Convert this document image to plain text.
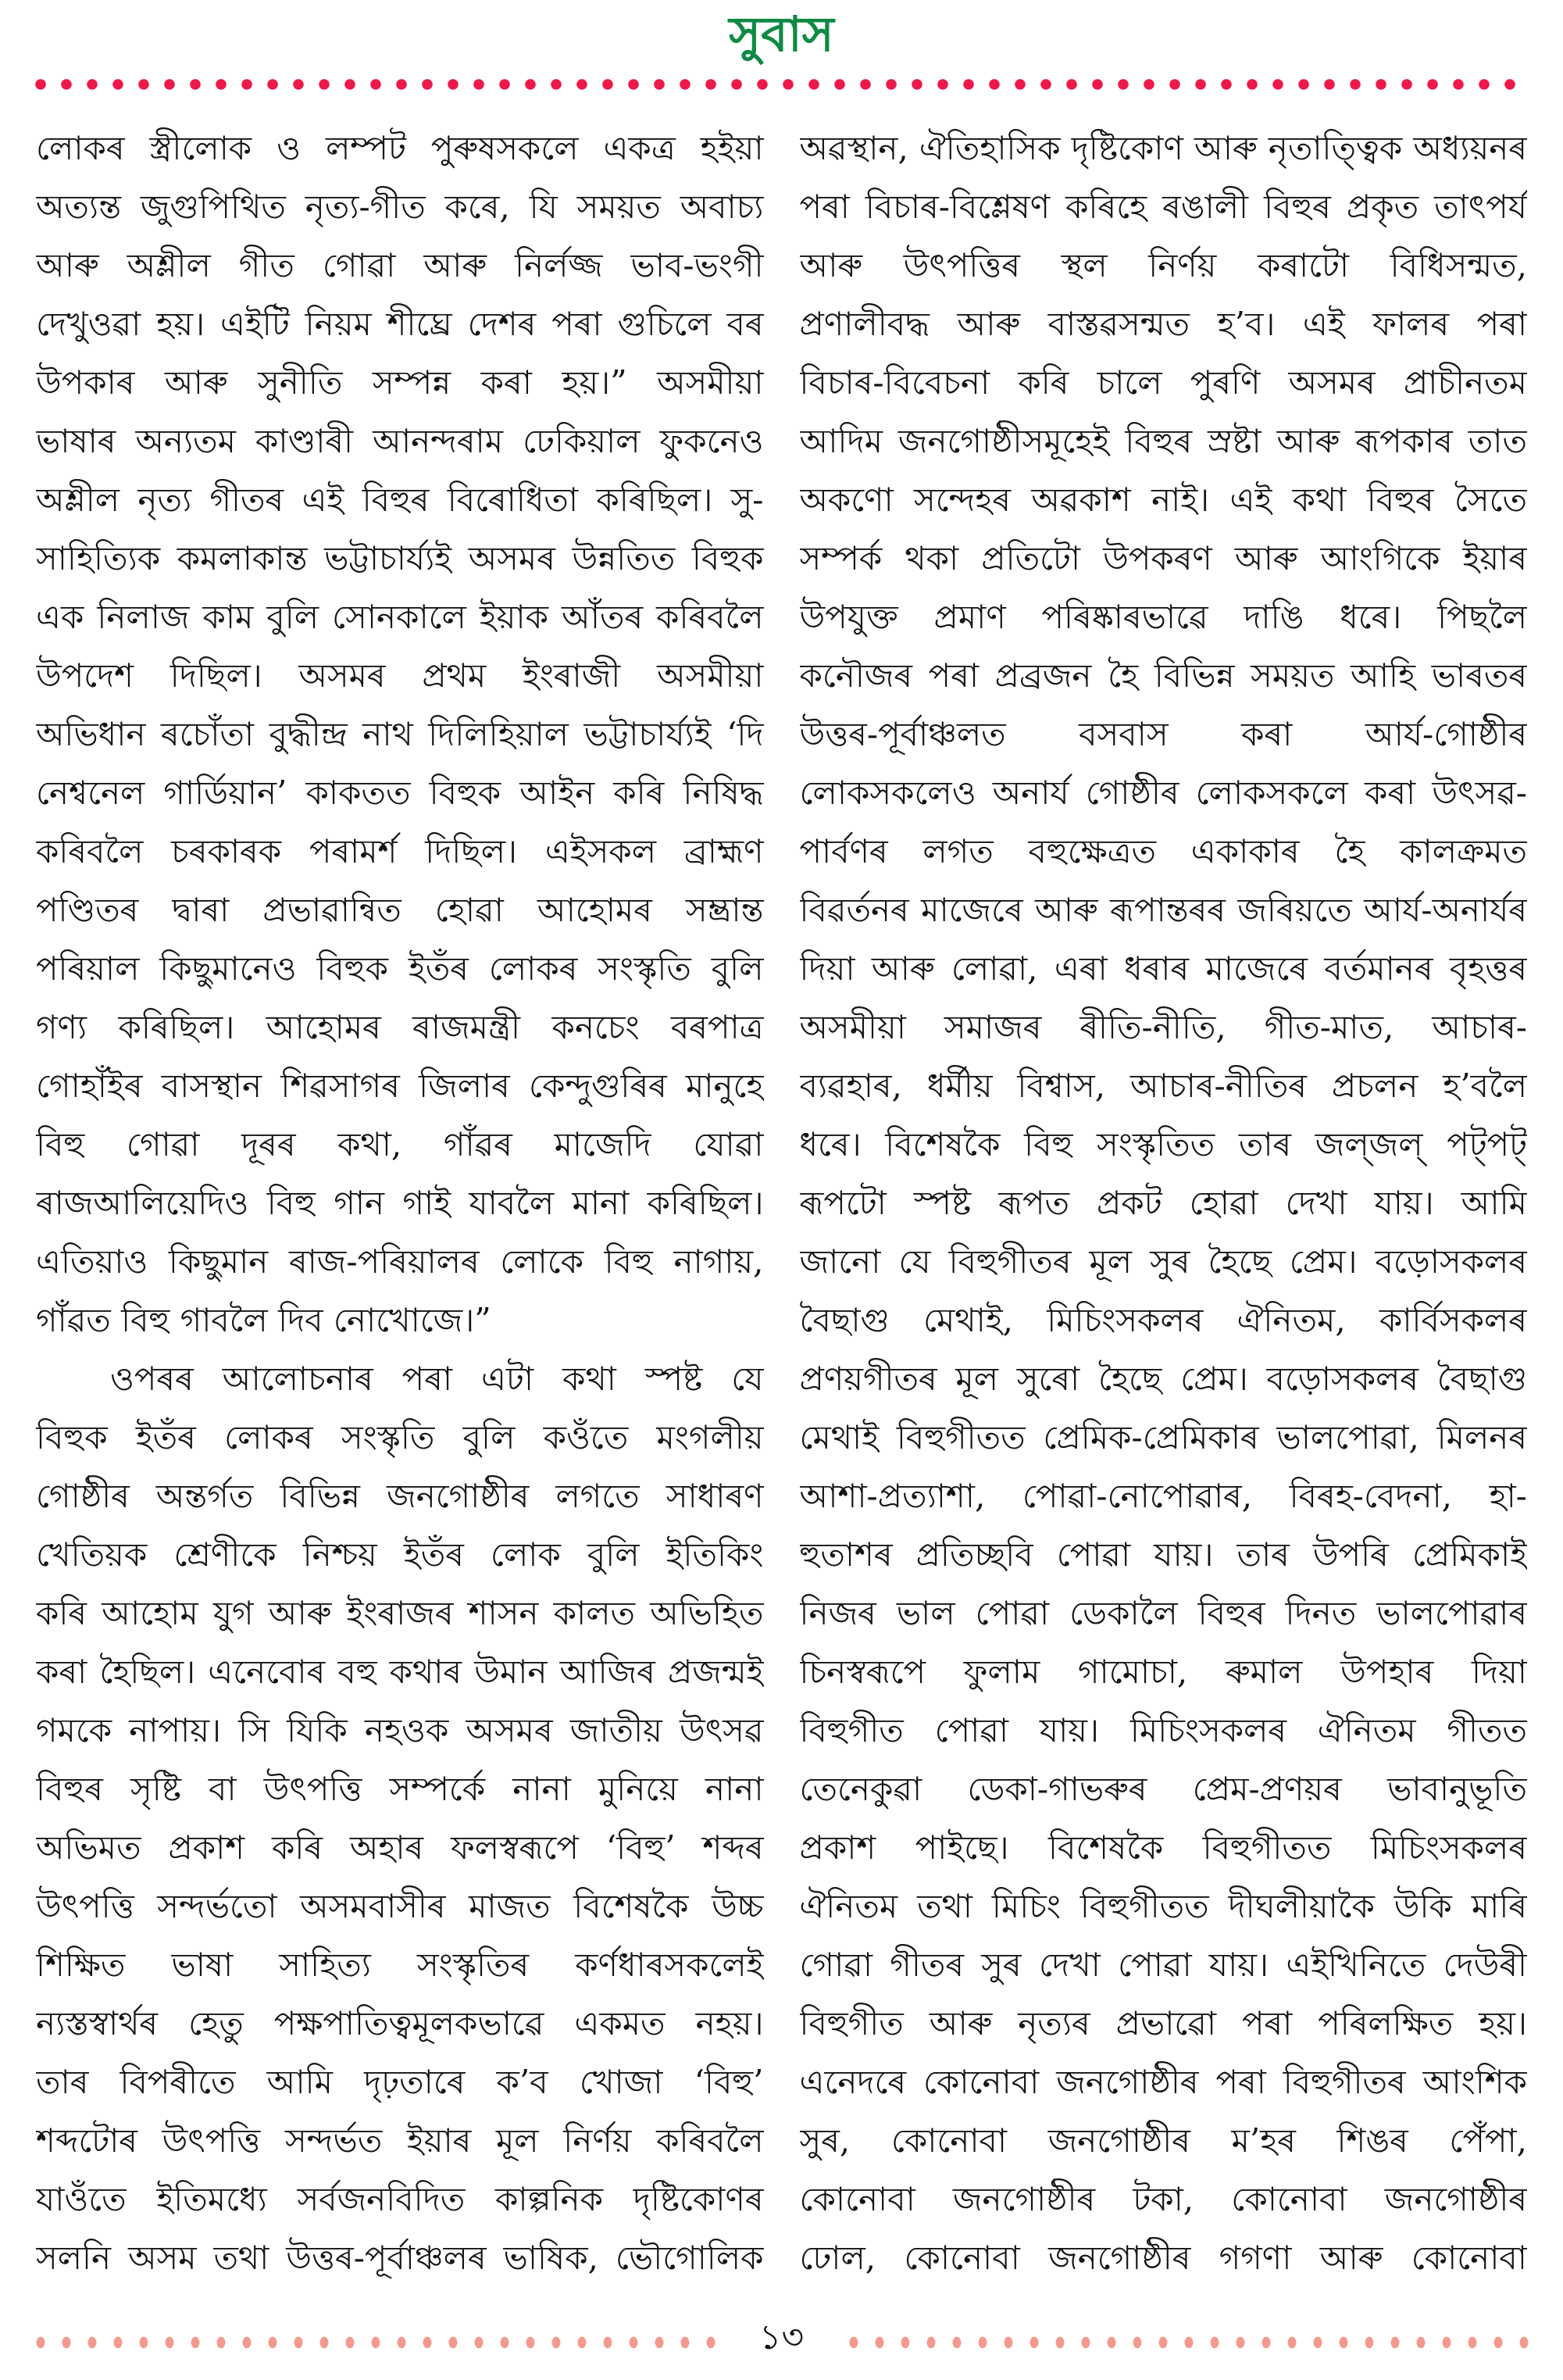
সুবাস
লোকৰ স্ত্ৰীলোক ও লম্পট পুৰুষসকলে একত্ৰ হইয়া
অত্যন্ত জুগুপিথিত নৃত্য-গীত কৰে, যি সময়ত অবাচ্য
আৰু অশ্লীল গীত গোৱা আৰু নিৰ্লজ্জ ভাব-ভংগী
দেখুওৱা হয়। এইটি নিয়ম শীঘ্ৰে দেশৰ পৰা গুচিলে বৰ
উপকাৰ আৰু সুনীতি সম্পন্ন কৰা হয়।” অসমীয়া
ভাষাৰ অন্যতম কাণ্ডাৰী আনন্দৰাম ঢেকিয়াল ফুকনেও
অশ্লীল নৃত্য গীতৰ এই বিহুৰ বিৰোধিতা কৰিছিল। সু-
সাহিত্যিক কমলাকান্ত ভট্টাচাৰ্য্যই অসমৰ উন্নতিত বিহুক
এক নিলাজ কাম বুলি সোনকালে ইয়াক আঁতৰ কৰিবলৈ
উপদেশ দিছিল। অসমৰ প্ৰথম ইংৰাজী অসমীয়া
অভিধান ৰচোঁতা বুদ্ধীন্দ্ৰ নাথ দিলিহিয়াল ভট্টাচাৰ্য্যই ‘দি
নেশ্বনেল গাৰ্ডিয়ান’ কাকতত বিহুক আইন কৰি নিষিদ্ধ
কৰিবলৈ চৰকাৰক পৰামৰ্শ দিছিল। এইসকল ব্ৰাহ্মণ
পণ্ডিতৰ দ্বাৰা প্ৰভাৱান্বিত হোৱা আহোমৰ সম্ভ্ৰান্ত
পৰিয়াল কিছুমানেও বিহুক ইতঁৰ লোকৰ সংস্কৃতি বুলি
গণ্য কৰিছিল। আহোমৰ ৰাজমন্ত্ৰী কনচেং বৰপাত্ৰ
গোহাঁইৰ বাসস্থান শিৱসাগৰ জিলাৰ কেন্দুগুৰিৰ মানুহে
বিহু গোৱা দূৰৰ কথা, গাঁৱৰ মাজেদি যোৱা
ৰাজআলিয়েদিও বিহু গান গাই যাবলৈ মানা কৰিছিল।
এতিয়াও কিছুমান ৰাজ-পৰিয়ালৰ লোকে বিহু নাগায়,
গাঁৱত বিহু গাবলৈ দিব নোখোজে।”
ওপৰৰ আলোচনাৰ পৰা এটা কথা স্পষ্ট যে
বিহুক ইতঁৰ লোকৰ সংস্কৃতি বুলি কওঁতে মংগলীয়
গোষ্ঠীৰ অন্তৰ্গত বিভিন্ন জনগোষ্ঠীৰ লগতে সাধাৰণ
খেতিয়ক শ্ৰেণীকে নিশ্চয় ইতঁৰ লোক বুলি ইতিকিং
কৰি আহোম যুগ আৰু ইংৰাজৰ শাসন কালত অভিহিত
কৰা হৈছিল। এনেবোৰ বহু কথাৰ উমান আজিৰ প্ৰজন্মই
গমকে নাপায়। সি যিকি নহওক অসমৰ জাতীয় উৎসৱ
বিহুৰ সৃষ্টি বা উৎপত্তি সম্পৰ্কে নানা মুনিয়ে নানা
অভিমত প্ৰকাশ কৰি অহাৰ ফলস্বৰূপে ‘বিহু’ শব্দৰ
উৎপত্তি সন্দৰ্ভতো অসমবাসীৰ মাজত বিশেষকৈ উচ্চ
শিক্ষিত ভাষা সাহিত্য সংস্কৃতিৰ কৰ্ণধাৰসকলেই
ন্যস্তস্বাৰ্থৰ হেতু পক্ষপাতিত্বমূলকভাৱে একমত নহয়।
তাৰ বিপৰীতে আমি দৃঢ়তাৰে ক’ব খোজা ‘বিহু’
শব্দটোৰ উৎপত্তি সন্দৰ্ভত ইয়াৰ মূল নিৰ্ণয় কৰিবলৈ
যাওঁতে ইতিমধ্যে সৰ্বজনবিদিত কাল্পনিক দৃষ্টিকোণৰ
সলনি অসম তথা উত্তৰ-পূৰ্বাঞ্চলৰ ভাষিক, ভৌগোলিক
অৱস্থান, ঐতিহাসিক দৃষ্টিকোণ আৰু নৃতাত্ত্বিক অধ্যয়নৰ
পৰা বিচাৰ-বিশ্লেষণ কৰিহে ৰঙালী বিহুৰ প্ৰকৃত তাৎপৰ্য
আৰু উৎপত্তিৰ স্থল নিৰ্ণয় কৰাটো বিধিসন্মত,
প্ৰণালীবদ্ধ আৰু বাস্তৱসন্মত হ’ব। এই ফালৰ পৰা
বিচাৰ-বিবেচনা কৰি চালে পুৰণি অসমৰ প্ৰাচীনতম
আদিম জনগোষ্ঠীসমূহেই বিহুৰ স্ৰষ্টা আৰু ৰূপকাৰ তাত
অকণো সন্দেহৰ অৱকাশ নাই। এই কথা বিহুৰ সৈতে
সম্পৰ্ক থকা প্ৰতিটো উপকৰণ আৰু আংগিকে ইয়াৰ
উপযুক্ত প্ৰমাণ পৰিষ্কাৰভাৱে দাঙি ধৰে। পিছলৈ
কনৌজৰ পৰা প্ৰব্ৰজন হৈ বিভিন্ন সময়ত আহি ভাৰতৰ
উত্তৰ-পূৰ্বাঞ্চলত বসবাস কৰা আৰ্য-গোষ্ঠীৰ
লোকসকলেও অনাৰ্য গোষ্ঠীৰ লোকসকলে কৰা উৎসৱ-
পাৰ্বণৰ লগত বহুক্ষেত্ৰত একাকাৰ হৈ কালক্ৰমত
বিৱৰ্তনৰ মাজেৰে আৰু ৰূপান্তৰৰ জৰিয়তে আৰ্য-অনাৰ্যৰ
দিয়া আৰু লোৱা, এৰা ধৰাৰ মাজেৰে বৰ্তমানৰ বৃহত্তৰ
অসমীয়া সমাজৰ ৰীতি-নীতি, গীত-মাত, আচাৰ-
ব্যৱহাৰ, ধৰ্মীয় বিশ্বাস, আচাৰ-নীতিৰ প্ৰচলন হ’বলৈ
ধৰে। বিশেষকৈ বিহু সংস্কৃতিত তাৰ জল্‌জল্ পট্‌পট্
ৰূপটো স্পষ্ট ৰূপত প্ৰকট হোৱা দেখা যায়। আমি
জানো যে বিহুগীতৰ মূল সুৰ হৈছে প্ৰেম। বড়োসকলৰ
বৈছাগু মেথাই, মিচিংসকলৰ ঐনিতম, কাৰ্বিসকলৰ
প্ৰণয়গীতৰ মূল সুৰো হৈছে প্ৰেম। বড়োসকলৰ বৈছাগু
মেথাই বিহুগীতত প্ৰেমিক-প্ৰেমিকাৰ ভালপোৱা, মিলনৰ
আশা-প্ৰত্যাশা, পোৱা-নোপোৱাৰ, বিৰহ-বেদনা, হা-
হুতাশৰ প্ৰতিচ্ছবি পোৱা যায়। তাৰ উপৰি প্ৰেমিকাই
নিজৰ ভাল পোৱা ডেকালৈ বিহুৰ দিনত ভালপোৱাৰ
চিনস্বৰূপে ফুলাম গামোচা, ৰুমাল উপহাৰ দিয়া
বিহুগীত পোৱা যায়। মিচিংসকলৰ ঐনিতম গীতত
তেনেকুৱা ডেকা-গাভৰুৰ প্ৰেম-প্ৰণয়ৰ ভাবানুভূতি
প্ৰকাশ পাইছে। বিশেষকৈ বিহুগীতত মিচিংসকলৰ
ঐনিতম তথা মিচিং বিহুগীতত দীঘলীয়াকৈ উকি মাৰি
গোৱা গীতৰ সুৰ দেখা পোৱা যায়। এইখিনিতে দেউৰী
বিহুগীত আৰু নৃত্যৰ প্ৰভাৱো পৰা পৰিলক্ষিত হয়।
এনেদৰে কোনোবা জনগোষ্ঠীৰ পৰা বিহুগীতৰ আংশিক
সুৰ, কোনোবা জনগোষ্ঠীৰ ম’হৰ শিঙৰ পেঁপা,
কোনোবা জনগোষ্ঠীৰ টকা, কোনোবা জনগোষ্ঠীৰ
ঢোল, কোনোবা জনগোষ্ঠীৰ গগণা আৰু কোনোবা
১৩
